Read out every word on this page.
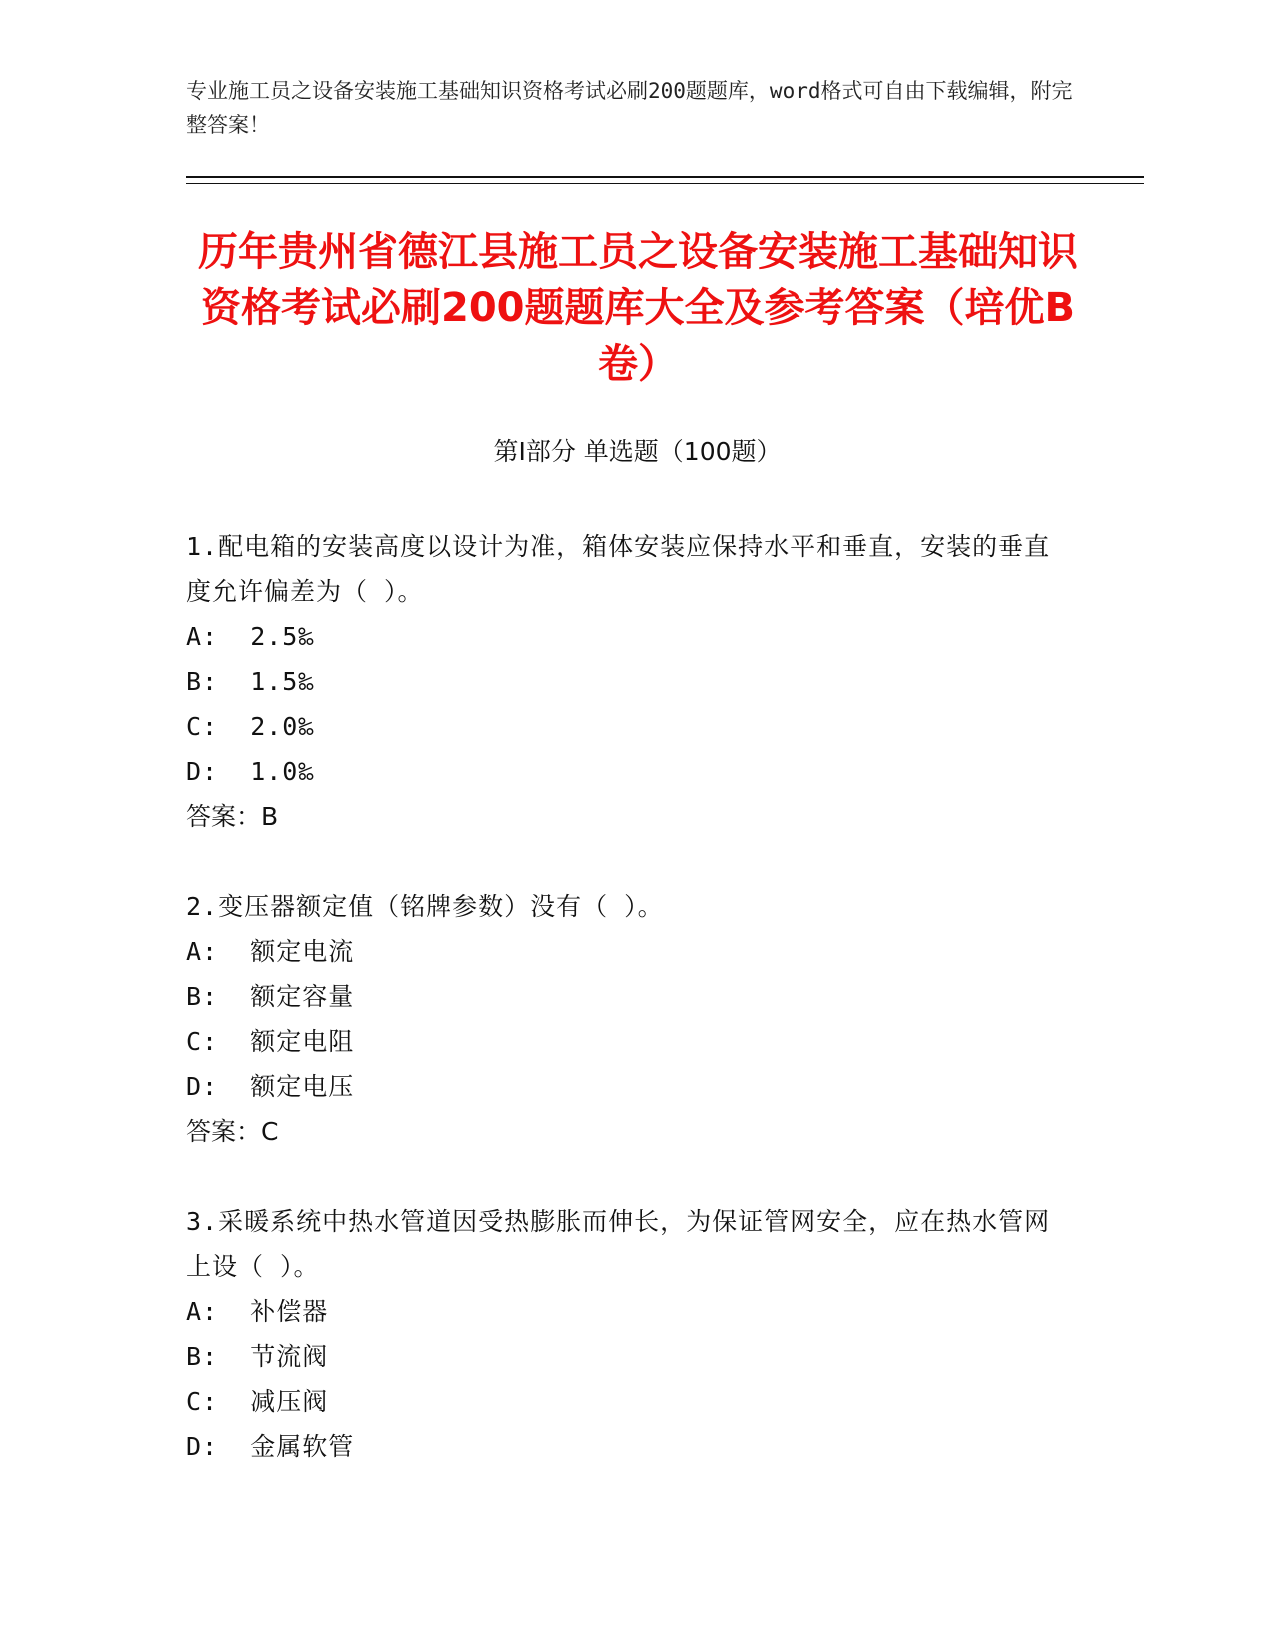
专业施工员之设备安装施工基础知识资格考试必刷200题题库，word格式可自由下载编辑，附完整答案！
历年贵州省德江县施工员之设备安装施工基础知识资格考试必刷200题题库大全及参考答案（培优B卷）
第Ⅰ部分 单选题（100题）
1.配电箱的安装高度以设计为准，箱体安装应保持水平和垂直，安装的垂直度允许偏差为（ ）。
A:  2.5‰
B:  1.5‰
C:  2.0‰
D:  1.0‰
答案：B
2.变压器额定值（铭牌参数）没有（ ）。
A:  额定电流
B:  额定容量
C:  额定电阻
D:  额定电压
答案：C
3.采暖系统中热水管道因受热膨胀而伸长，为保证管网安全，应在热水管网上设（ ）。
A:  补偿器
B:  节流阀
C:  减压阀
D:  金属软管
